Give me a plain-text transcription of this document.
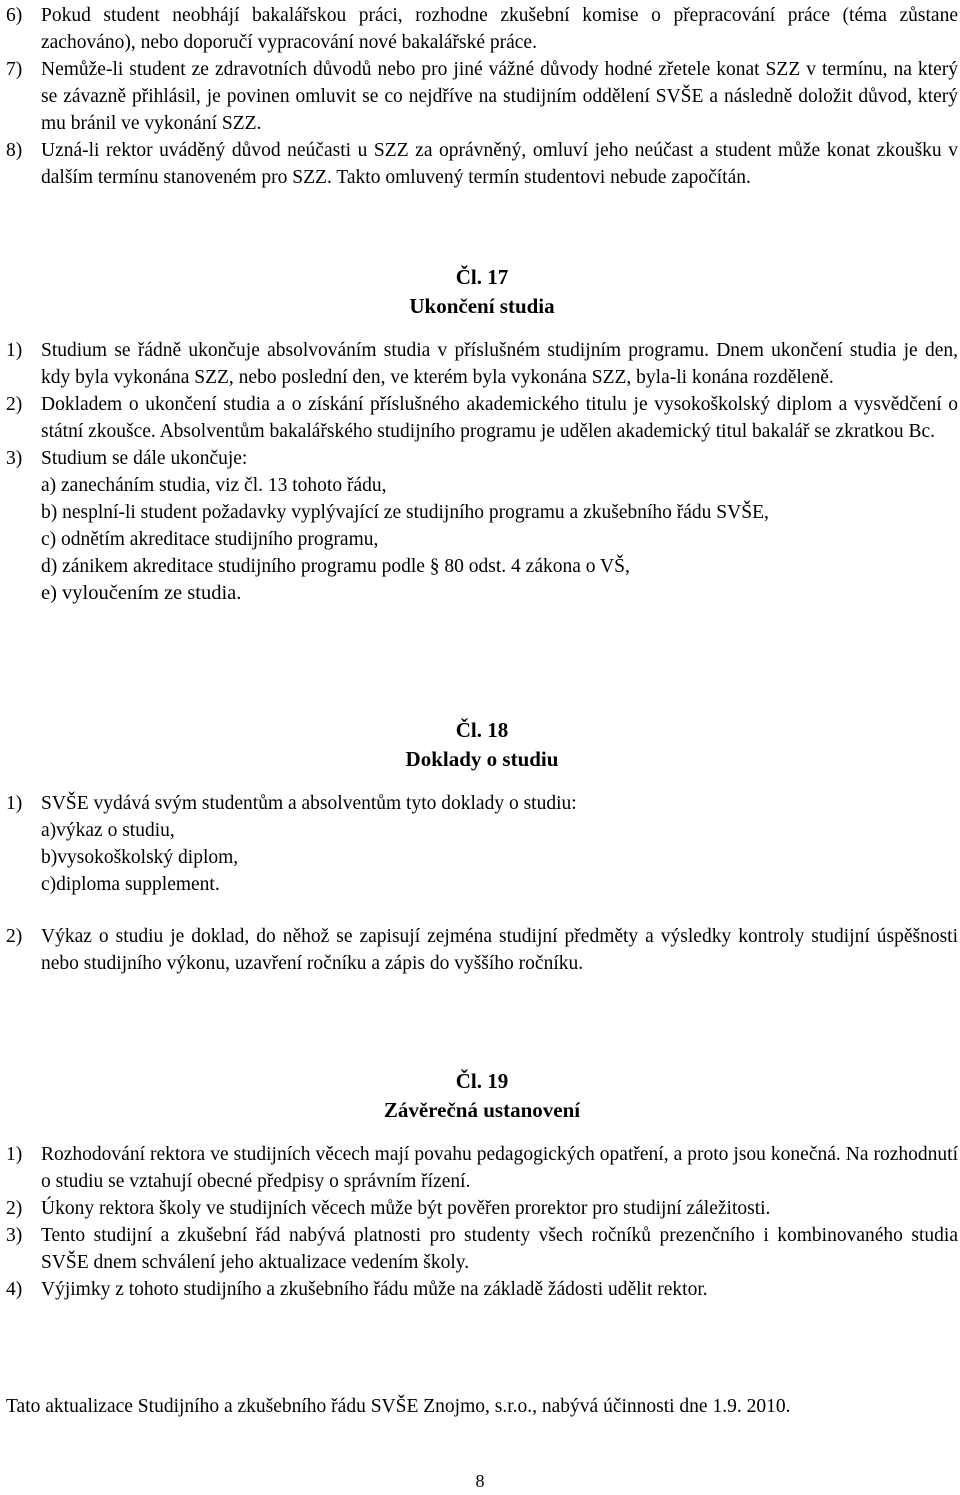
6) Pokud student neobhájí bakalářskou práci, rozhodne zkušební komise o přepracování práce (téma zůstane zachováno), nebo doporučí vypracování nové bakalářské práce.
7) Nemůže-li student ze zdravotních důvodů nebo pro jiné vážné důvody hodné zřetele konat SZZ v termínu, na který se závazně přihlásil, je povinen omluvit se co nejdříve na studijním oddělení SVŠE a následně doložit důvod, který mu bránil ve vykonání SZZ.
8) Uzná-li rektor uváděný důvod neúčasti u SZZ za oprávněný, omluví jeho neúčast a student může konat zkoušku v dalším termínu stanoveném pro SZZ. Takto omluvený termín studentovi nebude započítán.
Čl. 17
Ukončení studia
1) Studium se řádně ukončuje absolvováním studia v příslušném studijním programu. Dnem ukončení studia je den, kdy byla vykonána SZZ, nebo poslední den, ve kterém byla vykonána SZZ, byla-li konána rozděleně.
2) Dokladem o ukončení studia a o získání příslušného akademického titulu je vysokoškolský diplom a vysvědčení o státní zkoušce. Absolventům bakalářského studijního programu je udělen akademický titul bakalář se zkratkou Bc.
3) Studium se dále ukončuje:
a) zanecháním studia, viz čl. 13 tohoto řádu,
b) nesplní-li student požadavky vyplývající ze studijního programu a zkušebního řádu SVŠE,
c) odnětím akreditace studijního programu,
d) zánikem akreditace studijního programu podle § 80 odst. 4 zákona o VŠ,
e) vyloučením ze studia.
Čl. 18
Doklady o studiu
1) SVŠE vydává svým studentům a absolventům tyto doklady o studiu:
a)výkaz o studiu,
b)vysokoškolský diplom,
c)diploma supplement.
2) Výkaz o studiu je doklad, do něhož se zapisují zejména studijní předměty a výsledky kontroly studijní úspěšnosti nebo studijního výkonu, uzavření ročníku a zápis do vyššího ročníku.
Čl. 19
Závěrečná ustanovení
1) Rozhodování rektora ve studijních věcech mají povahu pedagogických opatření, a proto jsou konečná. Na rozhodnutí o studiu se vztahují obecné předpisy o správním řízení.
2) Úkony rektora školy ve studijních věcech může být pověřen prorektor pro studijní záležitosti.
3) Tento studijní a zkušební řád nabývá platnosti pro studenty všech ročníků prezenčního i kombinovaného studia SVŠE dnem schválení jeho aktualizace vedením školy.
4) Výjimky z tohoto studijního a zkušebního řádu může na základě žádosti udělit rektor.
Tato aktualizace Studijního a zkušebního řádu SVŠE Znojmo, s.r.o., nabývá účinnosti dne 1.9. 2010.
8
